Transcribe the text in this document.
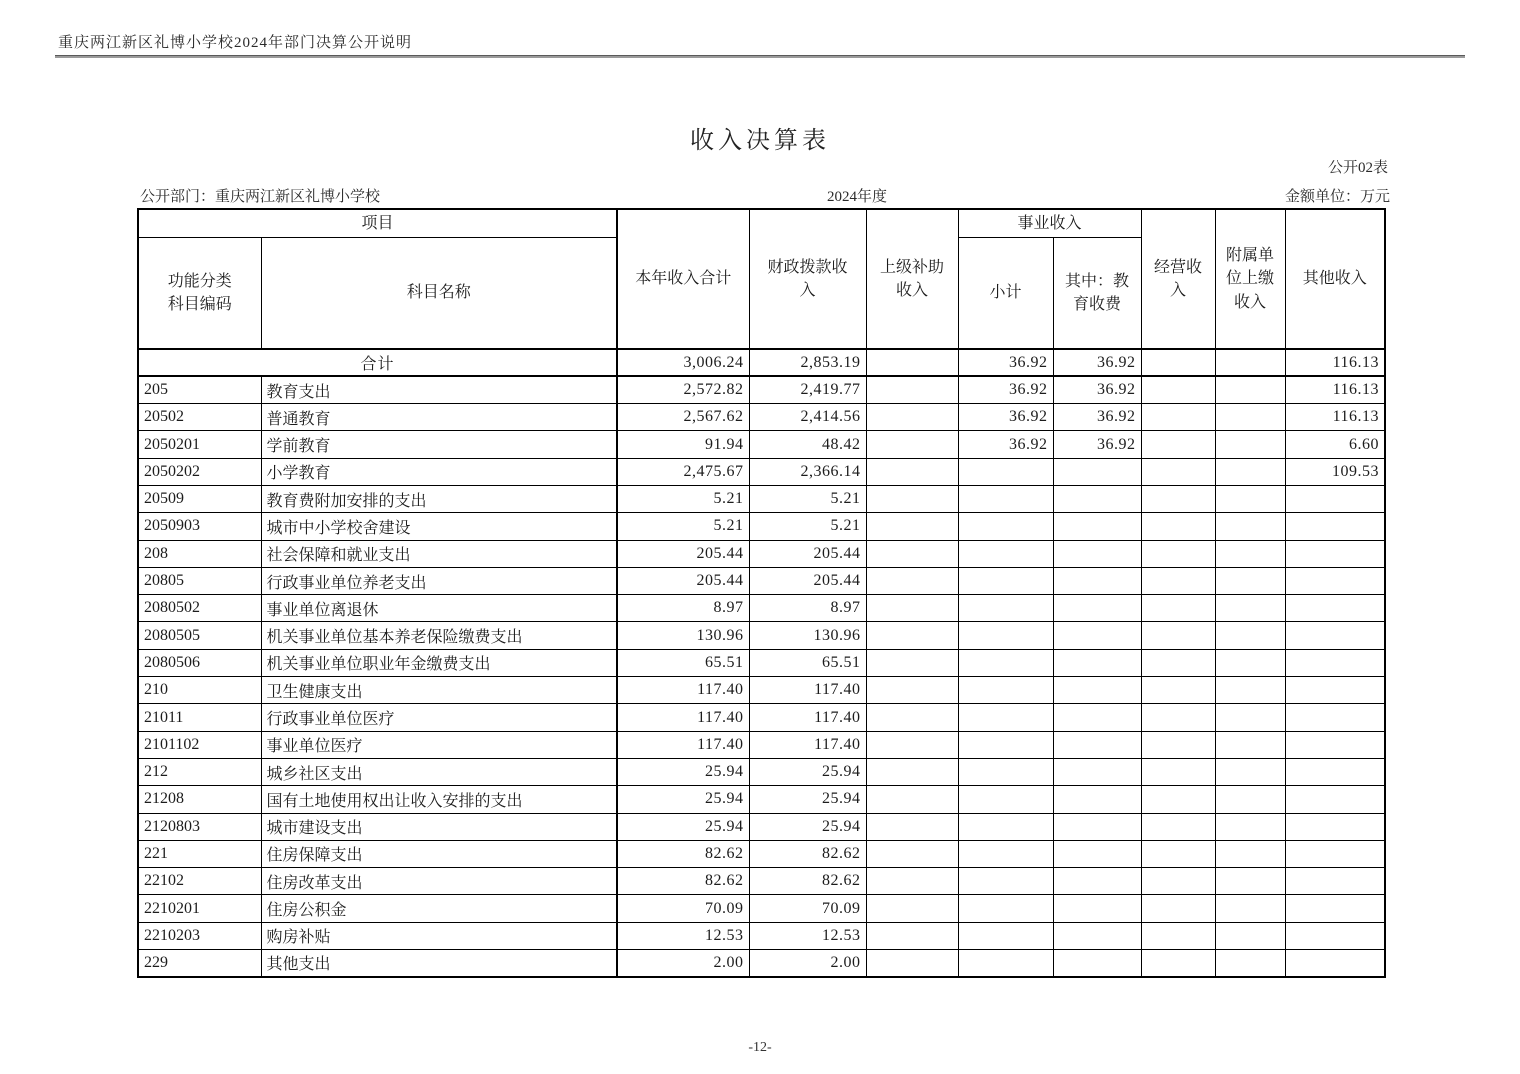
重庆两江新区礼博小学校2024年部门决算公开说明
收入决算表
公开02表
公开部门：重庆两江新区礼博小学校	2024年度	金额单位：万元
项目		本年收入合计	财政拨款收入	上级补助收入	事业收入		经营收入	附属单位上缴收入	其他收入
功能分类科目编码	科目名称				小计	其中：教育收费			
合计		3,006.24	2,853.19		36.92	36.92			116.13
205	教育支出	2,572.82	2,419.77		36.92	36.92			116.13
20502	普通教育	2,567.62	2,414.56		36.92	36.92			116.13
2050201	学前教育	91.94	48.42		36.92	36.92			6.60
2050202	小学教育	2,475.67	2,366.14						109.53
20509	教育费附加安排的支出	5.21	5.21						
2050903	城市中小学校舍建设	5.21	5.21						
208	社会保障和就业支出	205.44	205.44						
20805	行政事业单位养老支出	205.44	205.44						
2080502	事业单位离退休	8.97	8.97						
2080505	机关事业单位基本养老保险缴费支出	130.96	130.96						
2080506	机关事业单位职业年金缴费支出	65.51	65.51						
210	卫生健康支出	117.40	117.40						
21011	行政事业单位医疗	117.40	117.40						
2101102	事业单位医疗	117.40	117.40						
212	城乡社区支出	25.94	25.94						
21208	国有土地使用权出让收入安排的支出	25.94	25.94						
2120803	城市建设支出	25.94	25.94						
221	住房保障支出	82.62	82.62						
22102	住房改革支出	82.62	82.62						
2210201	住房公积金	70.09	70.09						
2210203	购房补贴	12.53	12.53						
229	其他支出	2.00	2.00						
-12-
